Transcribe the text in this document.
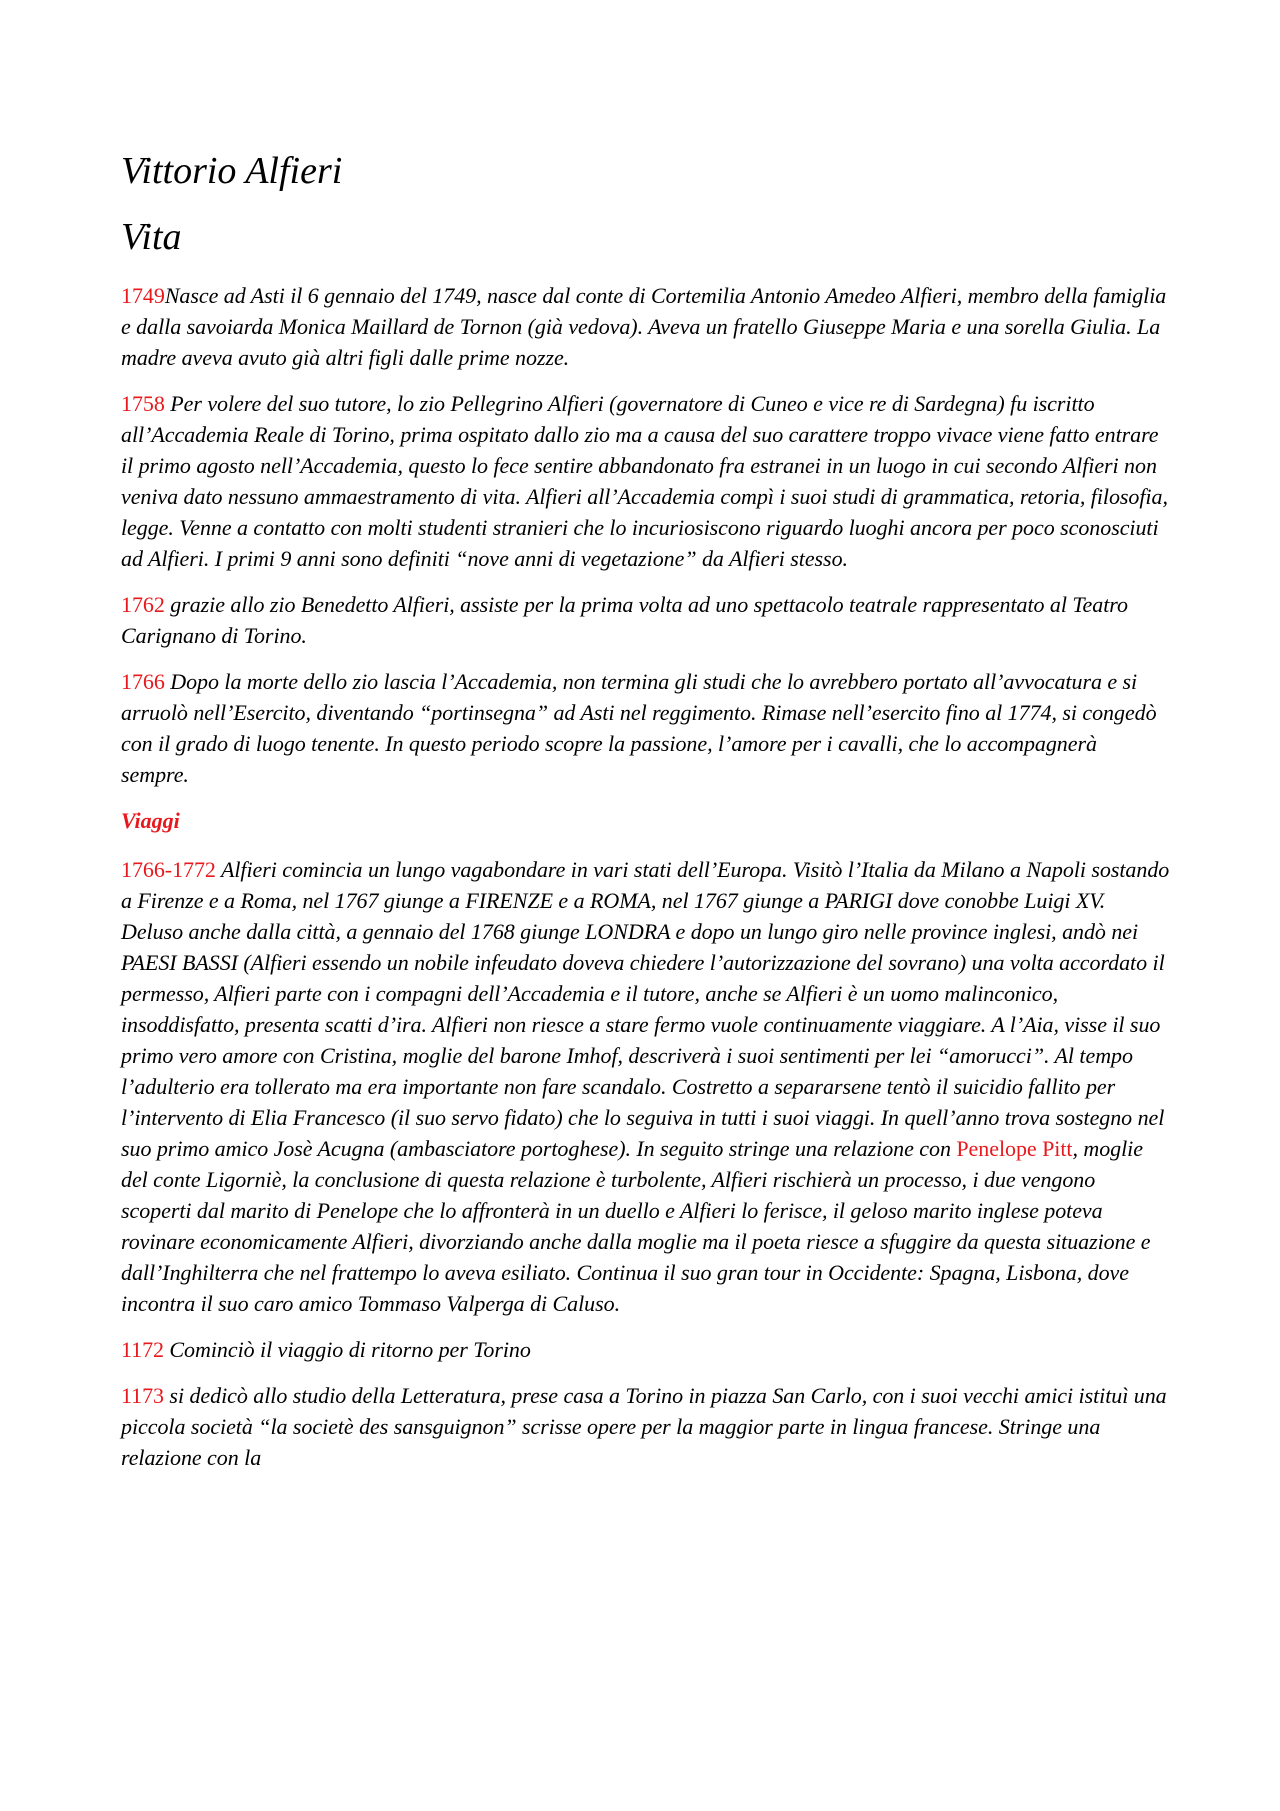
Vittorio Alfieri
Vita

1749Nasce ad Asti il 6 gennaio del 1749, nasce dal conte di Cortemilia Antonio Amedeo Alfieri, membro della famiglia e dalla savoiarda Monica Maillard de Tornon (già vedova). Aveva un fratello Giuseppe Maria e una sorella Giulia. La madre aveva avuto già altri figli dalle prime nozze.

1758 Per volere del suo tutore, lo zio Pellegrino Alfieri (governatore di Cuneo e vice re di Sardegna) fu iscritto all’Accademia Reale di Torino, prima ospitato dallo zio ma a causa del suo carattere troppo vivace viene fatto entrare il primo agosto nell’Accademia, questo lo fece sentire abbandonato fra estranei in un luogo in cui secondo Alfieri non veniva dato nessuno ammaestramento di vita. Alfieri all’Accademia compì i suoi studi di grammatica, retoria, filosofia, legge. Venne a contatto con molti studenti stranieri che lo incuriosiscono riguardo luoghi ancora per poco sconosciuti ad Alfieri. I primi 9 anni sono definiti “nove anni di vegetazione” da Alfieri stesso.

1762 grazie allo zio Benedetto Alfieri, assiste per la prima volta ad uno spettacolo teatrale rappresentato al Teatro Carignano di Torino.

1766 Dopo la morte dello zio lascia l’Accademia, non termina gli studi che lo avrebbero portato all’avvocatura e si arruolò nell’Esercito, diventando “portinsegna” ad Asti nel reggimento. Rimase nell’esercito fino al 1774, si congedò con il grado di luogo tenente. In questo periodo scopre la passione, l’amore per i cavalli, che lo accompagnerà sempre.

Viaggi

1766-1772 Alfieri comincia un lungo vagabondare in vari stati dell’Europa. Visitò l’Italia da Milano a Napoli sostando a Firenze e a Roma, nel 1767 giunge a FIRENZE e a ROMA, nel 1767 giunge a PARIGI dove conobbe Luigi XV. Deluso anche dalla città, a gennaio del 1768 giunge LONDRA e dopo un lungo giro nelle province inglesi, andò nei PAESI BASSI (Alfieri essendo un nobile infeudato doveva chiedere l’autorizzazione del sovrano) una volta accordato il permesso, Alfieri parte con i compagni dell’Accademia e il tutore, anche se Alfieri è un uomo malinconico, insoddisfatto, presenta scatti d’ira. Alfieri non riesce a stare fermo vuole continuamente viaggiare. A l’Aia, visse il suo primo vero amore con Cristina, moglie del barone Imhof, descriverà i suoi sentimenti per lei “amorucci”. Al tempo l’adulterio era tollerato ma era importante non fare scandalo. Costretto a separarsene tentò il suicidio fallito per l’intervento di Elia Francesco (il suo servo fidato) che lo seguiva in tutti i suoi viaggi. In quell’anno trova sostegno nel suo primo amico Josè Acugna (ambasciatore portoghese). In seguito stringe una relazione con Penelope Pitt, moglie del conte Ligorniè, la conclusione di questa relazione è turbolente, Alfieri rischierà un processo, i due vengono scoperti dal marito di Penelope che lo affronterà in un duello e Alfieri lo ferisce, il geloso marito inglese poteva rovinare economicamente Alfieri, divorziando anche dalla moglie ma il poeta riesce a sfuggire da questa situazione e dall’Inghilterra che nel frattempo lo aveva esiliato. Continua il suo gran tour in Occidente: Spagna, Lisbona, dove incontra il suo caro amico Tommaso Valperga di Caluso.

1172 Cominciò il viaggio di ritorno per Torino

1173 si dedicò allo studio della Letteratura, prese casa a Torino in piazza San Carlo, con i suoi vecchi amici istituì una piccola società “la societè des sansguignon” scrisse opere per la maggior parte in lingua francese. Stringe una relazione con la
